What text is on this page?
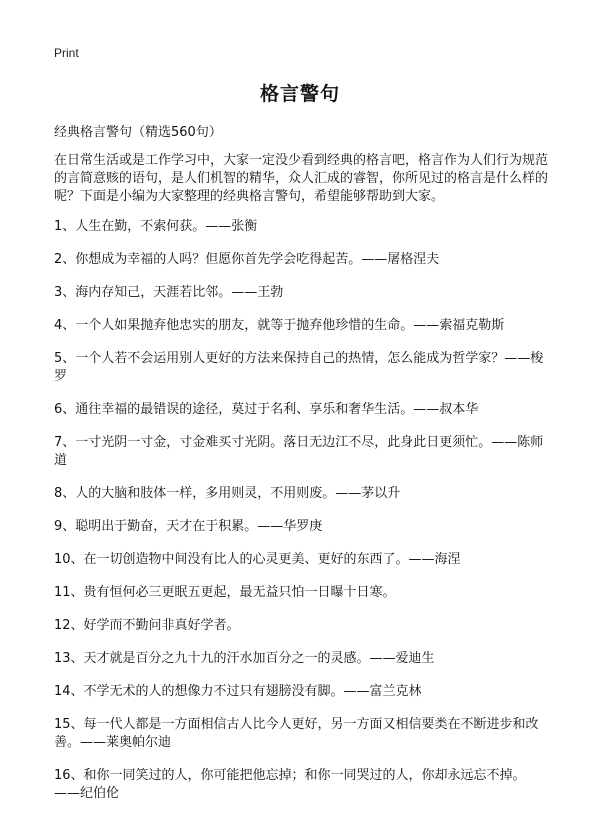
Print
格言警句
经典格言警句（精选560句）

在日常生活或是工作学习中，大家一定没少看到经典的格言吧，格言作为人们行为规范的言简意赅的语句，是人们机智的精华，众人汇成的睿智，你所见过的格言是什么样的呢？下面是小编为大家整理的经典格言警句，希望能够帮助到大家。

1、人生在勤，不索何获。——张衡
2、你想成为幸福的人吗？但愿你首先学会吃得起苦。——屠格涅夫
3、海内存知己，天涯若比邻。——王勃
4、一个人如果抛弃他忠实的朋友，就等于抛弃他珍惜的生命。——索福克勒斯
5、一个人若不会运用别人更好的方法来保持自己的热情，怎么能成为哲学家？——梭罗
6、通往幸福的最错误的途径，莫过于名利、享乐和奢华生活。——叔本华
7、一寸光阴一寸金，寸金难买寸光阴。落日无边江不尽，此身此日更须忙。——陈师道
8、人的大脑和肢体一样，多用则灵，不用则废。——茅以升
9、聪明出于勤奋，天才在于积累。——华罗庚
10、在一切创造物中间没有比人的心灵更美、更好的东西了。——海涅
11、贵有恒何必三更眠五更起，最无益只怕一日曝十日寒。
12、好学而不勤问非真好学者。
13、天才就是百分之九十九的汗水加百分之一的灵感。——爱迪生
14、不学无术的人的想像力不过只有翅膀没有脚。——富兰克林
15、每一代人都是一方面相信古人比今人更好，另一方面又相信要类在不断进步和改善。——莱奥帕尔迪
16、和你一同笑过的人，你可能把他忘掉；和你一同哭过的人，你却永远忘不掉。——纪伯伦
